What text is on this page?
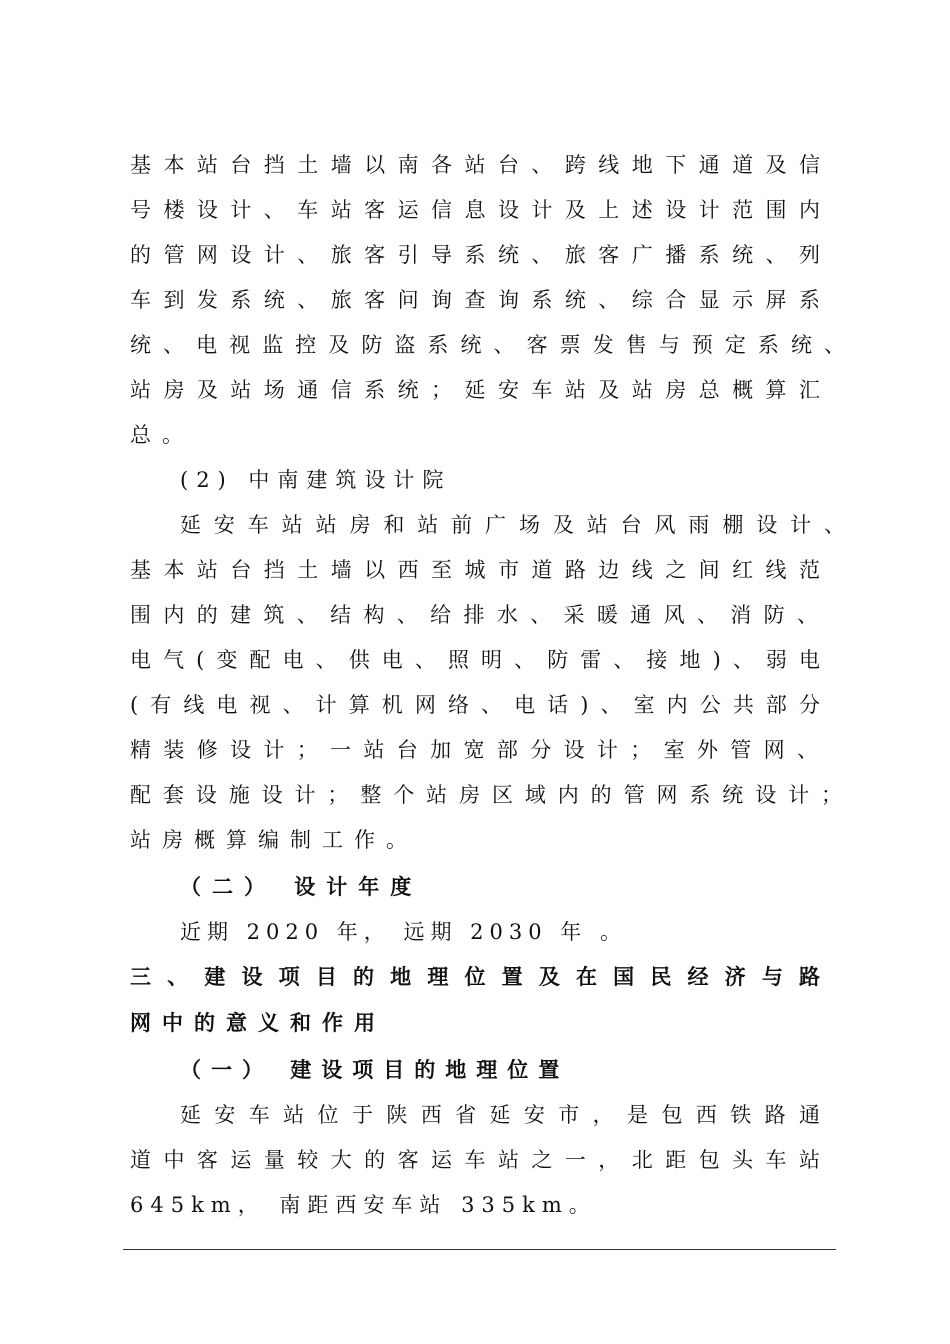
基本站台挡土墙以南各站台、跨线地下通道及信
号楼设计、车站客运信息设计及上述设计范围内
的管网设计、旅客引导系统、旅客广播系统、列
车到发系统、旅客问询查询系统、综合显示屏系
统、电视监控及防盗系统、客票发售与预定系统、
站房及站场通信系统；延安车站及站房总概算汇
总。
(2) 中南建筑设计院
延安车站站房和站前广场及站台风雨棚设计、
基本站台挡土墙以西至城市道路边线之间红线范
围内的建筑、结构、给排水、采暖通风、消防、
电气(变配电、供电、照明、防雷、接地)、弱电
(有线电视、计算机网络、电话)、室内公共部分
精装修设计；一站台加宽部分设计；室外管网、
配套设施设计；整个站房区域内的管网系统设计；
站房概算编制工作。
（二） 设计年度
近期 2020 年， 远期 2030 年 。
三、建设项目的地理位置及在国民经济与路
网中的意义和作用
（一） 建设项目的地理位置
延安车站位于陕西省延安市，是包西铁路通
道中客运量较大的客运车站之一，北距包头车站
645km， 南距西安车站 335km。
